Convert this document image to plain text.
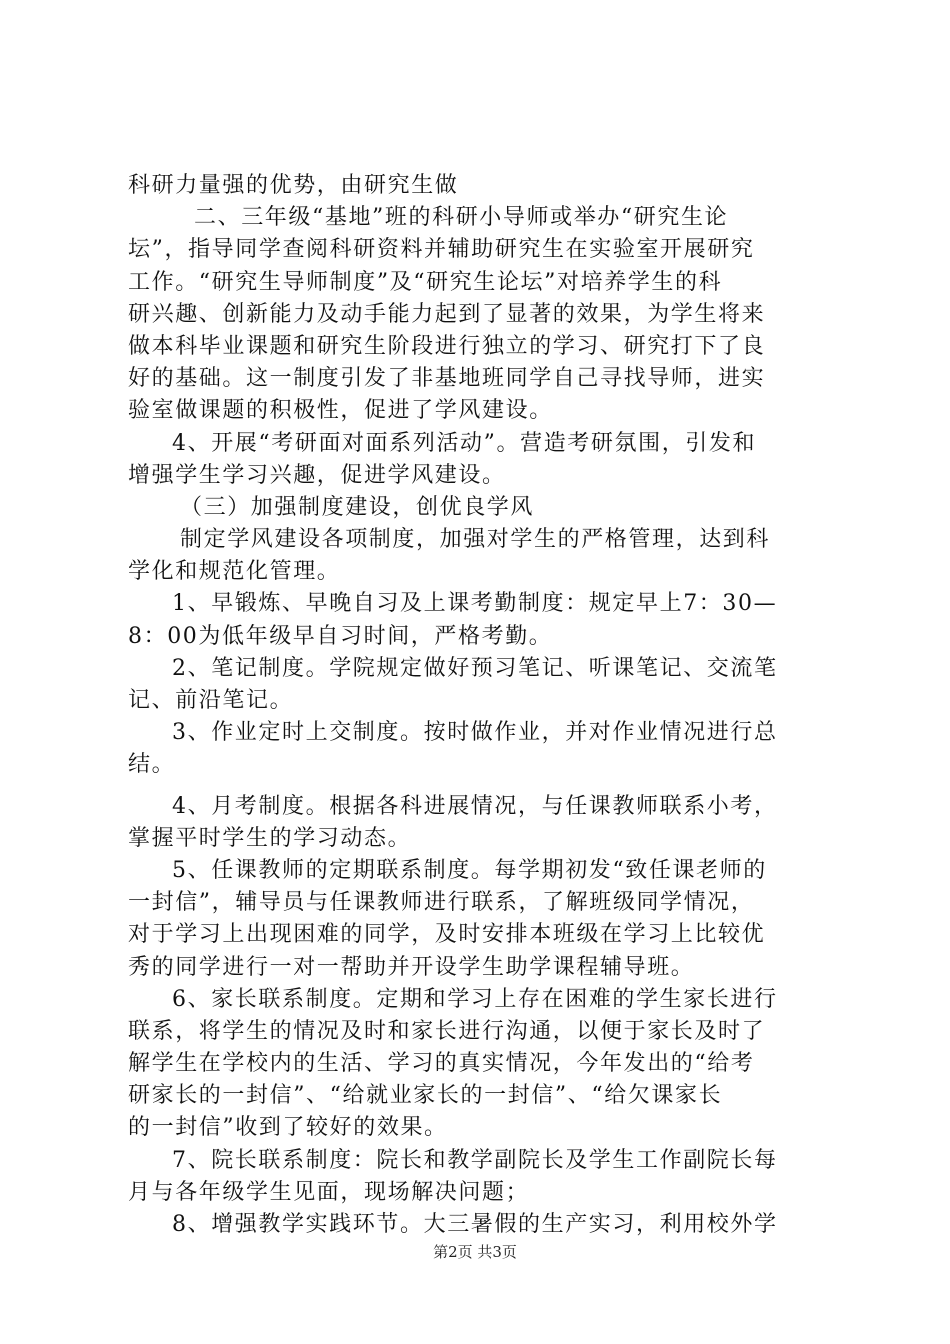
科研力量强的优势，由研究生做
二、三年级“基地”班的科研小导师或举办“研究生论
坛”，指导同学查阅科研资料并辅助研究生在实验室开展研究
工作。“研究生导师制度”及“研究生论坛”对培养学生的科
研兴趣、创新能力及动手能力起到了显著的效果，为学生将来
做本科毕业课题和研究生阶段进行独立的学习、研究打下了良
好的基础。这一制度引发了非基地班同学自己寻找导师，进实
验室做课题的积极性，促进了学风建设。
4、开展“考研面对面系列活动”。营造考研氛围，引发和
增强学生学习兴趣，促进学风建设。
（三）加强制度建设，创优良学风
制定学风建设各项制度，加强对学生的严格管理，达到科
学化和规范化管理。
1、早锻炼、早晚自习及上课考勤制度：规定早上7：30—
8：00为低年级早自习时间，严格考勤。
2、笔记制度。学院规定做好预习笔记、听课笔记、交流笔
记、前沿笔记。
3、作业定时上交制度。按时做作业，并对作业情况进行总
结。
4、月考制度。根据各科进展情况，与任课教师联系小考，
掌握平时学生的学习动态。
5、任课教师的定期联系制度。每学期初发“致任课老师的
一封信”，辅导员与任课教师进行联系，了解班级同学情况，
对于学习上出现困难的同学，及时安排本班级在学习上比较优
秀的同学进行一对一帮助并开设学生助学课程辅导班。
6、家长联系制度。定期和学习上存在困难的学生家长进行
联系，将学生的情况及时和家长进行沟通，以便于家长及时了
解学生在学校内的生活、学习的真实情况，今年发出的“给考
研家长的一封信”、“给就业家长的一封信”、“给欠课家长
的一封信”收到了较好的效果。
7、院长联系制度：院长和教学副院长及学生工作副院长每
月与各年级学生见面，现场解决问题；
8、增强教学实践环节。大三暑假的生产实习，利用校外学
第2页 共3页
